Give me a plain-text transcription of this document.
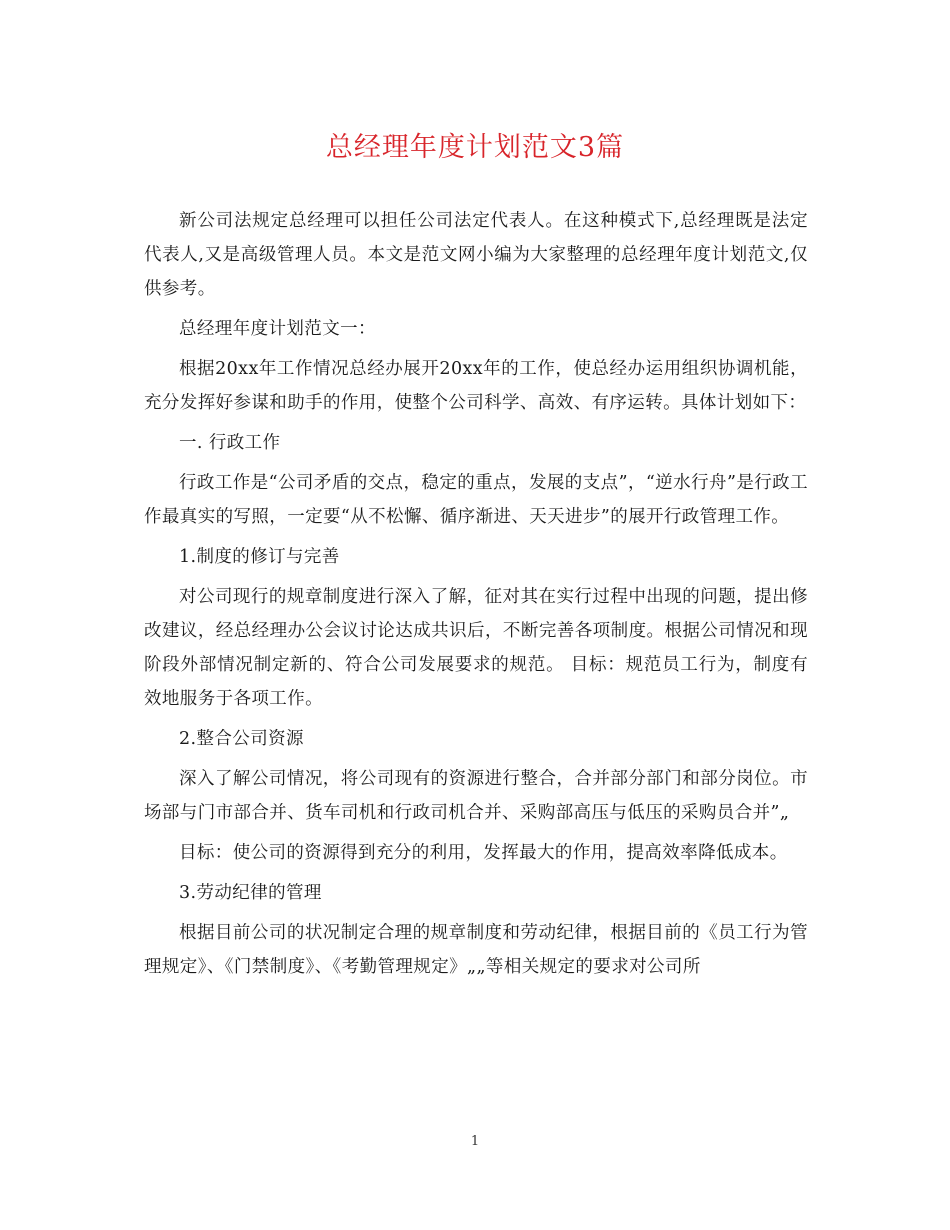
总经理年度计划范文3篇

新公司法规定总经理可以担任公司法定代表人。在这种模式下,总经理既是法定代表人,又是高级管理人员。本文是范文网小编为大家整理的总经理年度计划范文,仅供参考。

总经理年度计划范文一：

根据20xx年工作情况总经办展开20xx年的工作，使总经办运用组织协调机能，充分发挥好参谋和助手的作用，使整个公司科学、高效、有序运转。具体计划如下：

一. 行政工作

行政工作是“公司矛盾的交点，稳定的重点，发展的支点”，“逆水行舟”是行政工作最真实的写照，一定要“从不松懈、循序渐进、天天进步”的展开行政管理工作。

1.制度的修订与完善

对公司现行的规章制度进行深入了解，征对其在实行过程中出现的问题，提出修改建议，经总经理办公会议讨论达成共识后，不断完善各项制度。根据公司情况和现阶段外部情况制定新的、符合公司发展要求的规范。 目标：规范员工行为，制度有效地服务于各项工作。

2.整合公司资源

深入了解公司情况，将公司现有的资源进行整合，合并部分部门和部分岗位。市场部与门市部合并、货车司机和行政司机合并、采购部高压与低压的采购员合并”„

目标：使公司的资源得到充分的利用，发挥最大的作用，提高效率降低成本。

3.劳动纪律的管理

根据目前公司的状况制定合理的规章制度和劳动纪律，根据目前的《员工行为管理规定》、《门禁制度》、《考勤管理规定》„„等相关规定的要求对公司所

1
